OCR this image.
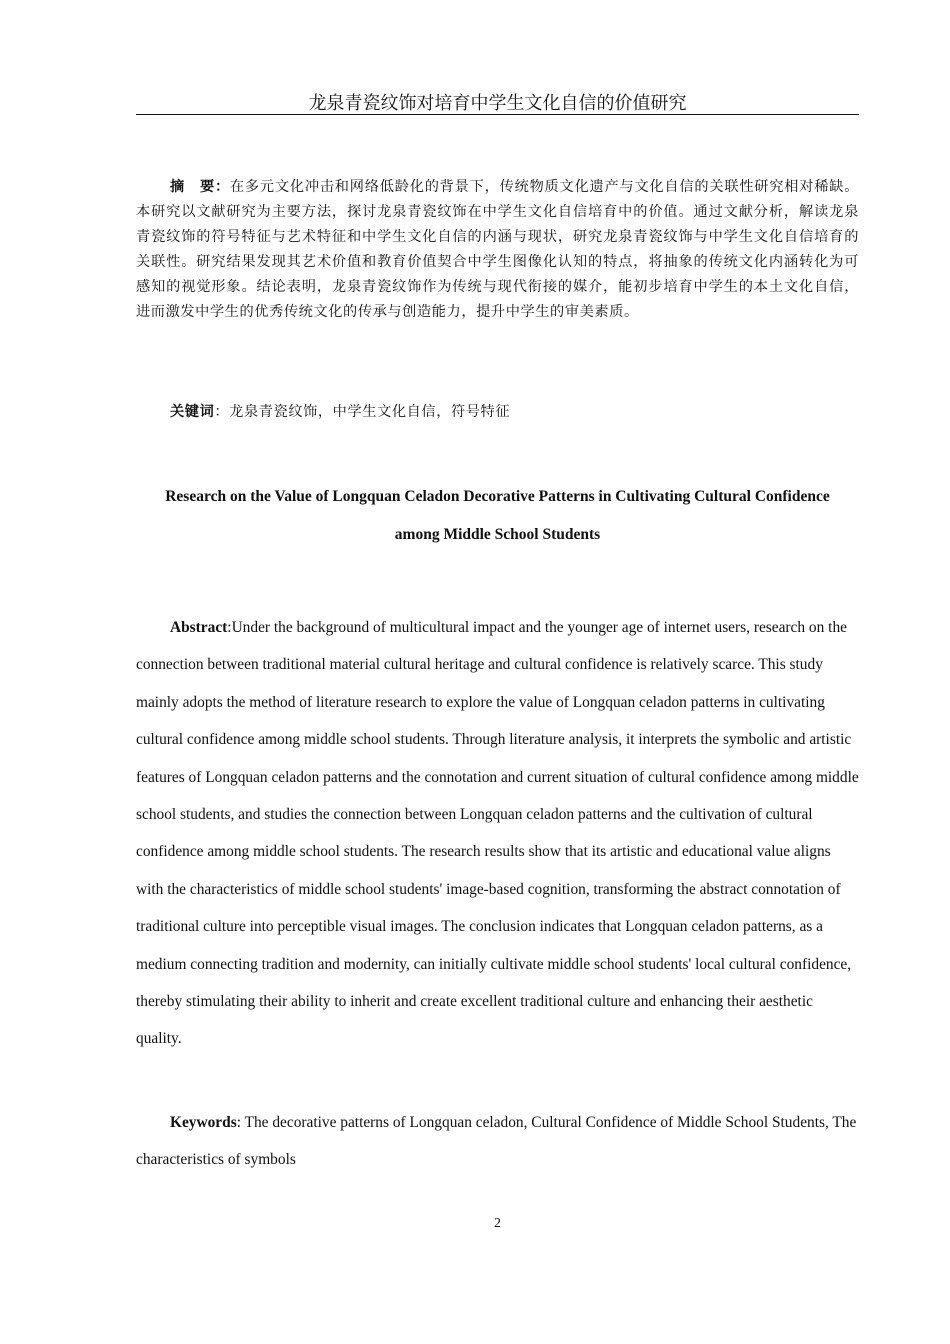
龙泉青瓷纹饰对培育中学生文化自信的价值研究

摘　要：在多元文化冲击和网络低龄化的背景下，传统物质文化遗产与文化自信的关联性研究相对稀缺。本研究以文献研究为主要方法，探讨龙泉青瓷纹饰在中学生文化自信培育中的价值。通过文献分析，解读龙泉青瓷纹饰的符号特征与艺术特征和中学生文化自信的内涵与现状，研究龙泉青瓷纹饰与中学生文化自信培育的关联性。研究结果发现其艺术价值和教育价值契合中学生图像化认知的特点，将抽象的传统文化内涵转化为可感知的视觉形象。结论表明，龙泉青瓷纹饰作为传统与现代衔接的媒介，能初步培育中学生的本土文化自信，进而激发中学生的优秀传统文化的传承与创造能力，提升中学生的审美素质。

关键词：龙泉青瓷纹饰，中学生文化自信，符号特征

Research on the Value of Longquan Celadon Decorative Patterns in Cultivating Cultural Confidence
among Middle School Students

Abstract:Under the background of multicultural impact and the younger age of internet users, research on the connection between traditional material cultural heritage and cultural confidence is relatively scarce. This study mainly adopts the method of literature research to explore the value of Longquan celadon patterns in cultivating cultural confidence among middle school students. Through literature analysis, it interprets the symbolic and artistic features of Longquan celadon patterns and the connotation and current situation of cultural confidence among middle school students, and studies the connection between Longquan celadon patterns and the cultivation of cultural confidence among middle school students. The research results show that its artistic and educational value aligns with the characteristics of middle school students' image-based cognition, transforming the abstract connotation of traditional culture into perceptible visual images. The conclusion indicates that Longquan celadon patterns, as a medium connecting tradition and modernity, can initially cultivate middle school students' local cultural confidence, thereby stimulating their ability to inherit and create excellent traditional culture and enhancing their aesthetic quality.

Keywords: The decorative patterns of Longquan celadon, Cultural Confidence of Middle School Students, The characteristics of symbols

2
